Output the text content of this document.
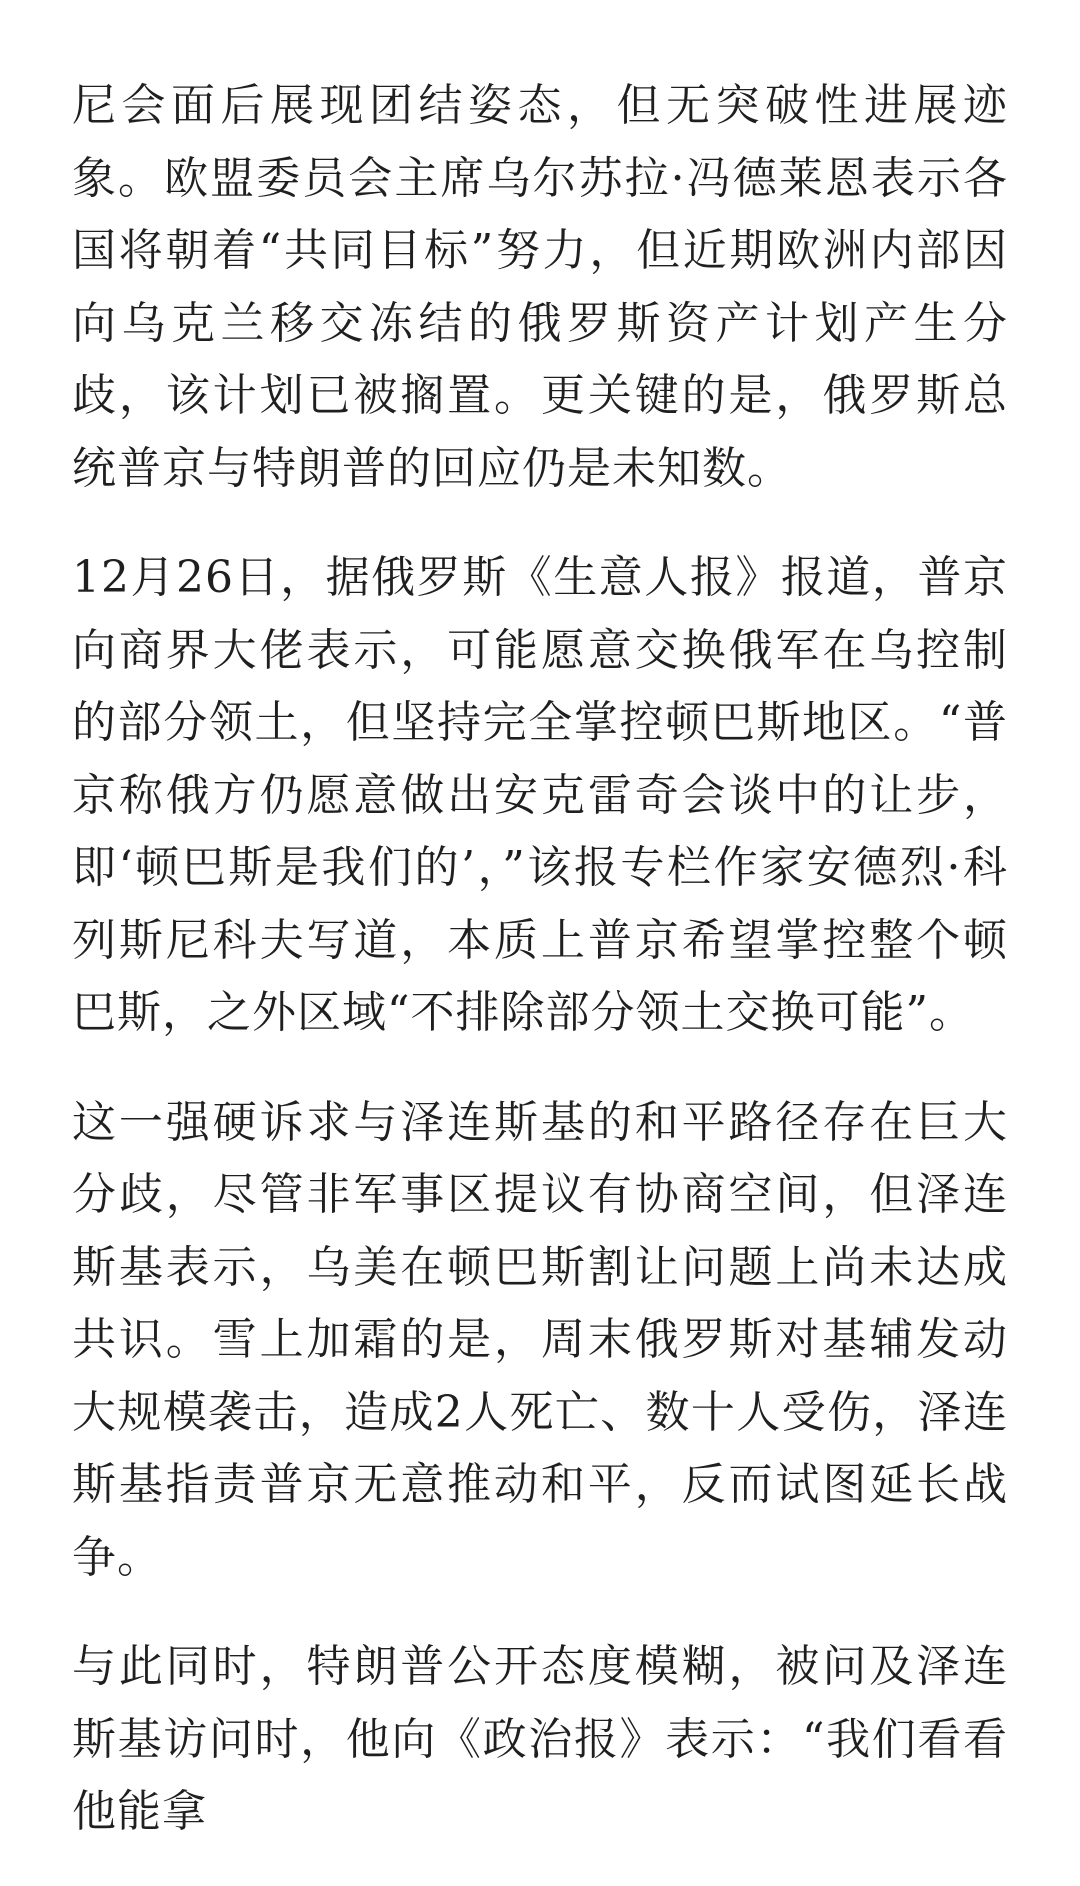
尼会面后展现团结姿态，但无突破性进展迹象。欧盟委员会主席乌尔苏拉·冯德莱恩表示各国将朝着“共同目标”努力，但近期欧洲内部因向乌克兰移交冻结的俄罗斯资产计划产生分歧，该计划已被搁置。更关键的是，俄罗斯总统普京与特朗普的回应仍是未知数。

12月26日，据俄罗斯《生意人报》报道，普京向商界大佬表示，可能愿意交换俄军在乌控制的部分领土，但坚持完全掌控顿巴斯地区。“普京称俄方仍愿意做出安克雷奇会谈中的让步，即‘顿巴斯是我们的’，”该报专栏作家安德烈·科列斯尼科夫写道，本质上普京希望掌控整个顿巴斯，之外区域“不排除部分领土交换可能”。

这一强硬诉求与泽连斯基的和平路径存在巨大分歧，尽管非军事区提议有协商空间，但泽连斯基表示，乌美在顿巴斯割让问题上尚未达成共识。雪上加霜的是，周末俄罗斯对基辅发动大规模袭击，造成2人死亡、数十人受伤，泽连斯基指责普京无意推动和平，反而试图延长战争。

与此同时，特朗普公开态度模糊，被问及泽连斯基访问时，他向《政治报》表示：“我们看看他能拿
